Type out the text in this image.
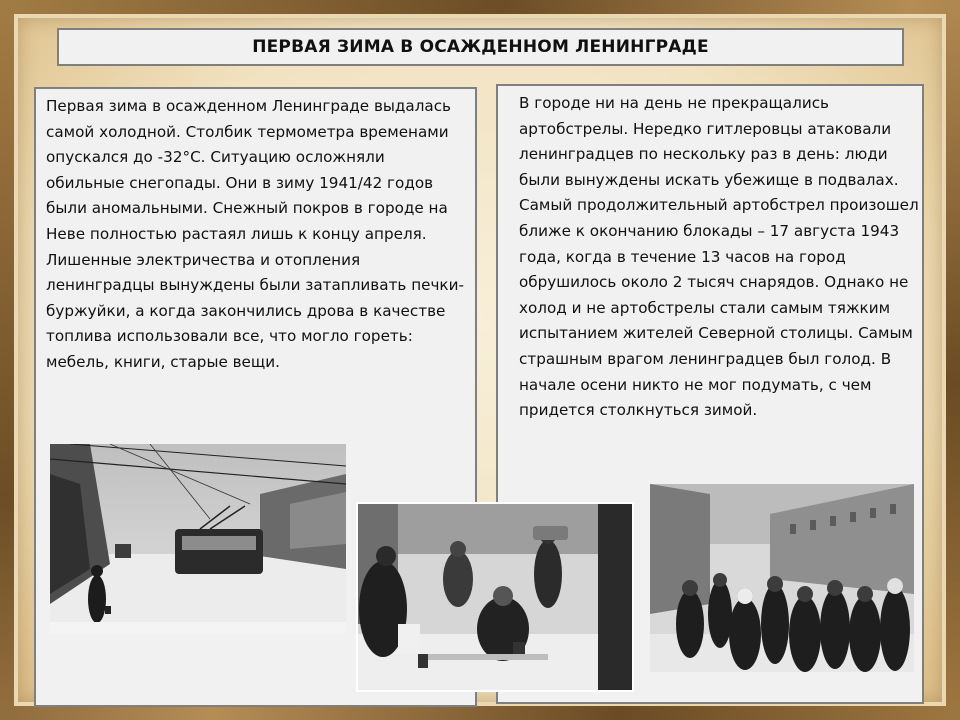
ПЕРВАЯ ЗИМА В ОСАЖДЕННОМ ЛЕНИНГРАДЕ

Первая зима в осажденном Ленинграде выдалась самой холодной. Столбик термометра временами опускался до -32°С. Ситуацию осложняли обильные снегопады. Они в зиму 1941/42 годов были аномальными. Снежный покров в городе на Неве полностью растаял лишь к концу апреля. Лишенные электричества и отопления ленинградцы вынуждены были затапливать печки-буржуйки, а когда закончились дрова в качестве топлива использовали все, что могло гореть: мебель, книги, старые вещи.

В городе ни на день не прекращались артобстрелы. Нередко гитлеровцы атаковали ленинградцев по нескольку раз в день: люди были вынуждены искать убежище в подвалах. Самый продолжительный артобстрел произошел ближе к окончанию блокады – 17 августа 1943 года, когда в течение 13 часов на город обрушилось около 2 тысяч снарядов. Однако не холод и не артобстрелы стали самым тяжким испытанием жителей Северной столицы. Самым страшным врагом ленинградцев был голод. В начале осени никто не мог подумать, с чем придется столкнуться зимой.
